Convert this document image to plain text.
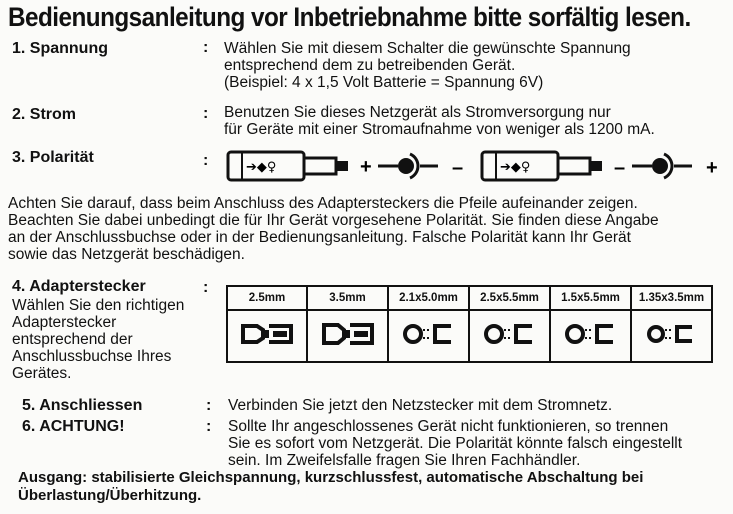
Bedienungsanleitung vor Inbetriebnahme bitte sorfältig lesen.
1. Spannung	: Wählen Sie mit diesem Schalter die gewünschte Spannung
entsprechend dem zu betreibenden Gerät.
(Beispiel: 4 x 1,5 Volt Batterie = Spannung 6V)
2. Strom	: Benutzen Sie dieses Netzgerät als Stromversorgung nur
für Geräte mit einer Stromaufnahme von weniger als 1200 mA.
3. Polarität	:	➔◆♀	+	–	➔◆♀	–	+
Achten Sie darauf, dass beim Anschluss des Adaptersteckers die Pfeile aufeinander zeigen.
Beachten Sie dabei unbedingt die für Ihr Gerät vorgesehene Polarität. Sie finden diese Angabe
an der Anschlussbuchse oder in der Bedienungsanleitung. Falsche Polarität kann Ihr Gerät
sowie das Netzgerät beschädigen.
4. Adapterstecker	:
Wählen Sie den richtigen
Adapterstecker
entsprechend der
Anschlussbuchse Ihres
Gerätes.
2.5mm	3.5mm	2.1x5.0mm	2.5x5.5mm	1.5x5.5mm	1.35x3.5mm

5. Anschliessen	: Verbinden Sie jetzt den Netzstecker mit dem Stromnetz.
6. ACHTUNG!	: Sollte Ihr angeschlossenes Gerät nicht funktionieren, so trennen
Sie es sofort vom Netzgerät. Die Polarität könnte falsch eingestellt
sein. Im Zweifelsfalle fragen Sie Ihren Fachhändler.
Ausgang: stabilisierte Gleichspannung, kurzschlussfest, automatische Abschaltung bei
Überlastung/Überhitzung.
